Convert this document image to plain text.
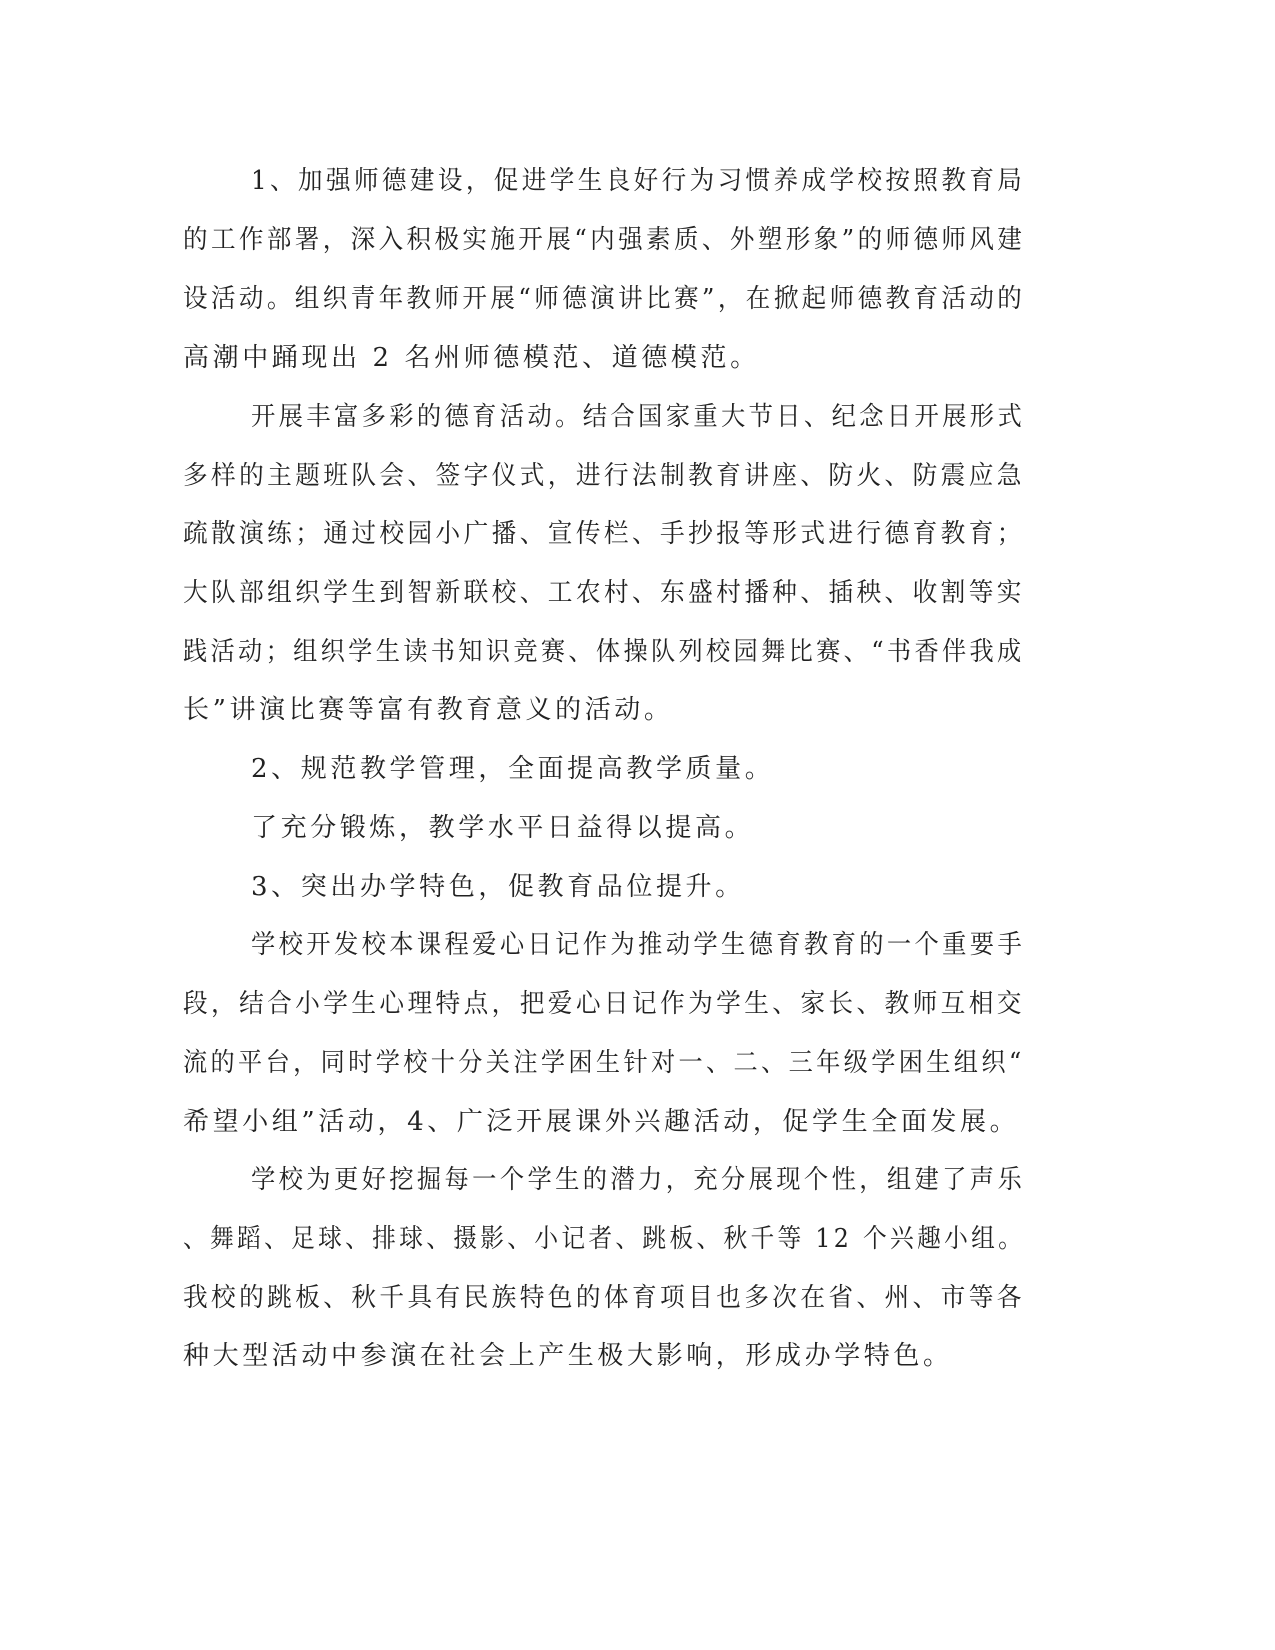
1、加强师德建设，促进学生良好行为习惯养成学校按照教育局
的工作部署，深入积极实施开展“内强素质、外塑形象”的师德师风建
设活动。组织青年教师开展“师德演讲比赛”，在掀起师德教育活动的
高潮中踊现出 2 名州师德模范、道德模范。
开展丰富多彩的德育活动。结合国家重大节日、纪念日开展形式
多样的主题班队会、签字仪式，进行法制教育讲座、防火、防震应急
疏散演练；通过校园小广播、宣传栏、手抄报等形式进行德育教育；
大队部组织学生到智新联校、工农村、东盛村播种、插秧、收割等实
践活动；组织学生读书知识竞赛、体操队列校园舞比赛、“书香伴我成
长”讲演比赛等富有教育意义的活动。
2、规范教学管理，全面提高教学质量。
了充分锻炼，教学水平日益得以提高。
3、突出办学特色，促教育品位提升。
学校开发校本课程爱心日记作为推动学生德育教育的一个重要手
段，结合小学生心理特点，把爱心日记作为学生、家长、教师互相交
流的平台，同时学校十分关注学困生针对一、二、三年级学困生组织“
希望小组”活动，4、广泛开展课外兴趣活动，促学生全面发展。
学校为更好挖掘每一个学生的潜力，充分展现个性，组建了声乐
、舞蹈、足球、排球、摄影、小记者、跳板、秋千等 12 个兴趣小组。
我校的跳板、秋千具有民族特色的体育项目也多次在省、州、市等各
种大型活动中参演在社会上产生极大影响，形成办学特色。
